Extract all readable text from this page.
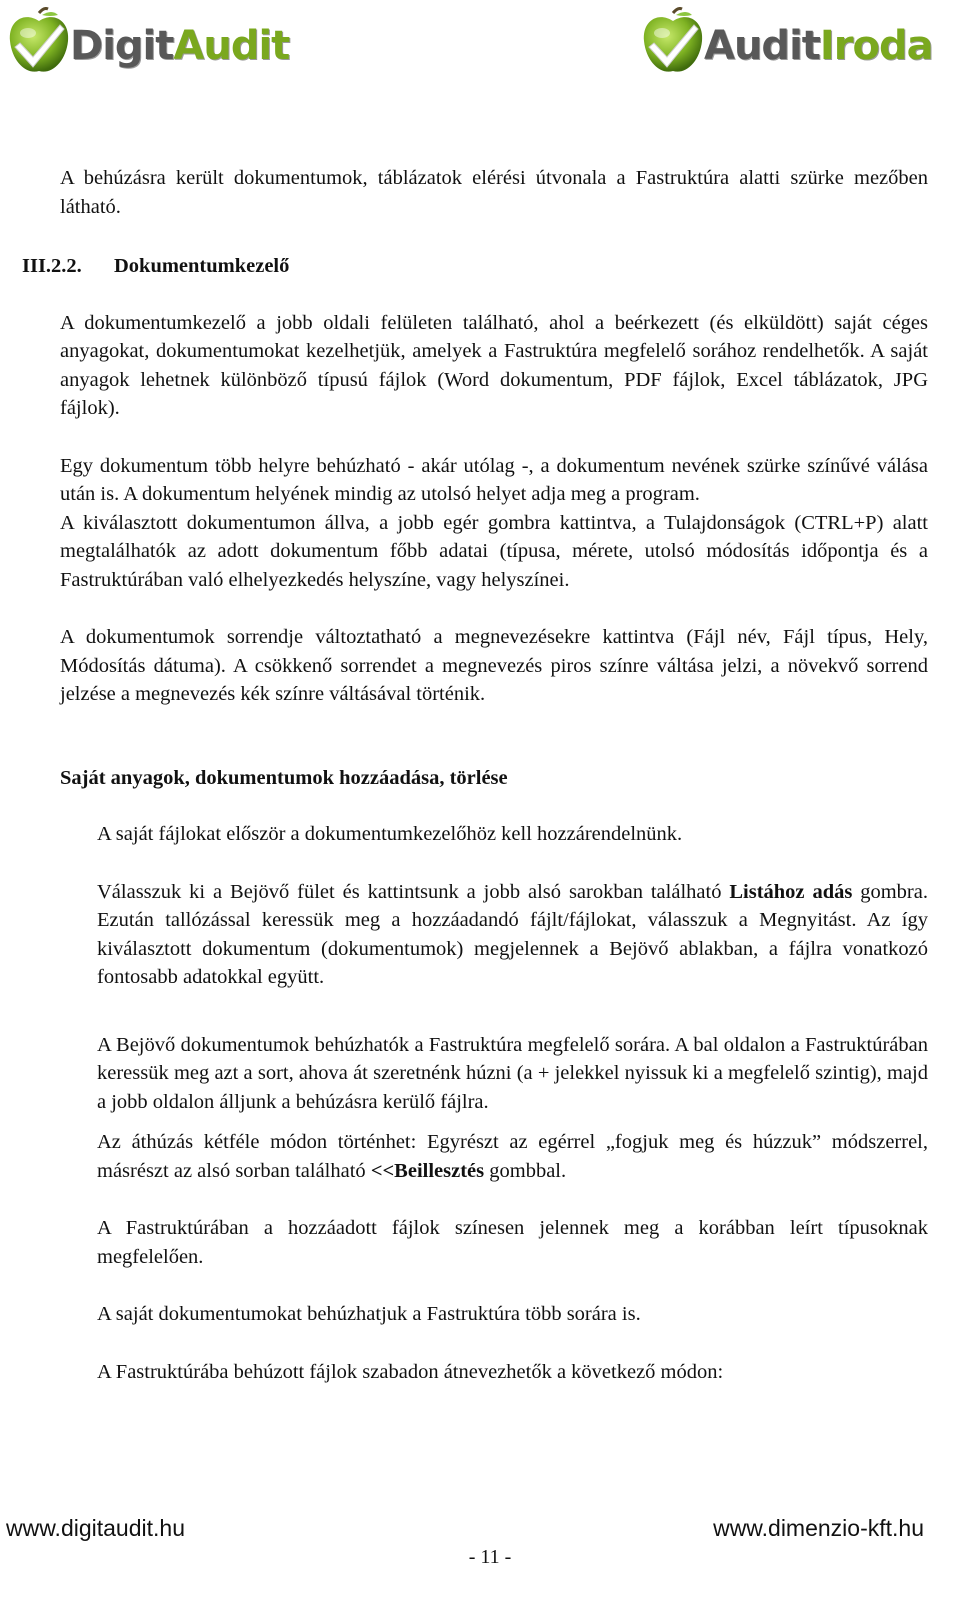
DigitAudit	AuditIroda

A behúzásra került dokumentumok, táblázatok elérési útvonala a Fastruktúra alatti szürke mezőben látható.

III.2.2. Dokumentumkezelő

A dokumentumkezelő a jobb oldali felületen található, ahol a beérkezett (és elküldött) saját céges anyagokat, dokumentumokat kezelhetjük, amelyek a Fastruktúra megfelelő sorához rendelhetők. A saját anyagok lehetnek különböző típusú fájlok (Word dokumentum, PDF fájlok, Excel táblázatok, JPG fájlok).

Egy dokumentum több helyre behúzható - akár utólag -, a dokumentum nevének szürke színűvé válása után is. A dokumentum helyének mindig az utolsó helyet adja meg a program.

A kiválasztott dokumentumon állva, a jobb egér gombra kattintva, a Tulajdonságok (CTRL+P) alatt megtalálhatók az adott dokumentum főbb adatai (típusa, mérete, utolsó módosítás időpontja és a Fastruktúrában való elhelyezkedés helyszíne, vagy helyszínei.

A dokumentumok sorrendje változtatható a megnevezésekre kattintva (Fájl név, Fájl típus, Hely, Módosítás dátuma). A csökkenő sorrendet a megnevezés piros színre váltása jelzi, a növekvő sorrend jelzése a megnevezés kék színre váltásával történik.

Saját anyagok, dokumentumok hozzáadása, törlése

A saját fájlokat először a dokumentumkezelőhöz kell hozzárendelnünk.

Válasszuk ki a Bejövő fület és kattintsunk a jobb alsó sarokban található Listához adás gombra. Ezután tallózással keressük meg a hozzáadandó fájlt/fájlokat, válasszuk a Megnyitást. Az így kiválasztott dokumentum (dokumentumok) megjelennek a Bejövő ablakban, a fájlra vonatkozó fontosabb adatokkal együtt.

A Bejövő dokumentumok behúzhatók a Fastruktúra megfelelő sorára. A bal oldalon a Fastruktúrában keressük meg azt a sort, ahova át szeretnénk húzni (a + jelekkel nyissuk ki a megfelelő szintig), majd a jobb oldalon álljunk a behúzásra kerülő fájlra.

Az áthúzás kétféle módon történhet: Egyrészt az egérrel „fogjuk meg és húzzuk” módszerrel, másrészt az alsó sorban található <<Beillesztés gombbal.

A Fastruktúrában a hozzáadott fájlok színesen jelennek meg a korábban leírt típusoknak megfelelően.

A saját dokumentumokat behúzhatjuk a Fastruktúra több sorára is.

A Fastruktúrába behúzott fájlok szabadon átnevezhetők a következő módon:

www.digitaudit.hu	www.dimenzio-kft.hu
- 11 -
